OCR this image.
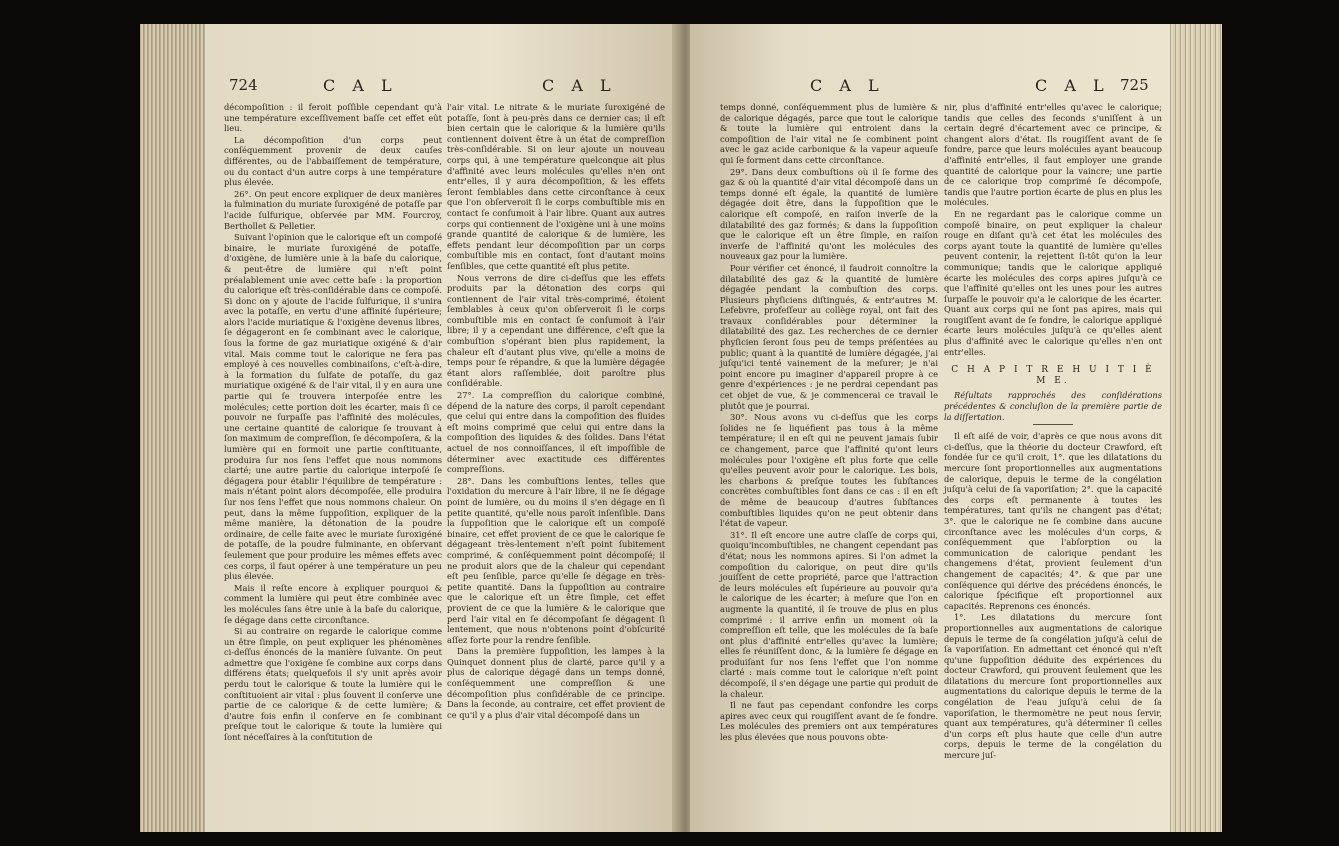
724	C A L	C A L

décompoſition : il feroit poſſible cependant qu'à une température exceſſivement baſſe cet effet eût lieu.

La décompoſition d'un corps peut conſéquemment provenir de deux cauſes différentes, ou de l'abbaiſſement de température, ou du contact d'un autre corps à une température plus élevée.

26°. On peut encore expliquer de deux manières la fulmination du muriate ſuroxigéné de potaſſe par l'acide ſulfurique, obſervée par MM. Fourcroy, Berthollet & Pelletier.

Suivant l'opinion que le calorique eſt un compoſé binaire, le muriate ſuroxigéné de potaſſe, d'oxigène, de lumière unie à la baſe du calorique, & peut-être de lumière qui n'eſt point préalablement unie avec cette baſe : la proportion du calorique eſt très-conſidérable dans ce compoſé. Si donc on y ajoute de l'acide ſulfurique, il s'unira avec la potaſſe, en vertu d'une affinité ſupérieure; alors l'acide muriatique & l'oxigène devenus libres, ſe dégageront en ſe combinant avec le calorique, ſous la forme de gaz muriatique oxigéné & d'air vital. Mais comme tout le calorique ne ſera pas employé à ces nouvelles combinaiſons, c'eſt-à-dire, à la formation du ſulfate de potaſſe, du gaz muriatique oxigéné & de l'air vital, il y en aura une partie qui ſe trouvera interpoſée entre les molécules; cette portion doit les écarter, mais ſi ce pouvoir ne ſurpaſſe pas l'affinité des molécules, une certaine quantité de calorique ſe trouvant à ſon maximum de compreſſion, ſe décompoſera, & la lumière qui en formoit une partie conſtituante, produira ſur nos ſens l'effet que nous nommons clarté; une autre partie du calorique interpoſé ſe dégagera pour établir l'équilibre de température : mais n'étant point alors décompoſée, elle produira ſur nos ſens l'effet que nous nommons chaleur. On peut, dans la même ſuppoſition, expliquer de la même manière, la détonation de la poudre ordinaire, de celle faite avec le muriate ſuroxigéné de potaſſe, de la poudre fulminante, en obſervant ſeulement que pour produire les mêmes effets avec ces corps, il faut opérer à une température un peu plus élevée.

Mais il reſte encore à expliquer pourquoi & comment la lumière qui peut être combinée avec les molécules ſans être unie à la baſe du calorique, ſe dégage dans cette circonſtance.

Si au contraire on regarde le calorique comme un être ſimple, on peut expliquer les phénomènes ci-deſſus énoncés de la manière ſuivante. On peut admettre que l'oxigène ſe combine aux corps dans différens états; quelquefois il s'y unit après avoir perdu tout le calorique & toute la lumière qui le conſtituoient air vital : plus ſouvent il conſerve une partie de ce calorique & de cette lumière; & d'autre fois enfin il conſerve en ſe combinant preſque tout le calorique & toute la lumière qui ſont néceſſaires à la conſtitution de

l'air vital. Le nitrate & le muriate ſuroxigéné de potaſſe, ſont à peu-près dans ce dernier cas; il eſt bien certain que le calorique & la lumière qu'ils contiennent doivent être à un état de compreſſion très-conſidérable. Si on leur ajoute un nouveau corps qui, à une température quelconque ait plus d'affinité avec leurs molécules qu'elles n'en ont entr'elles, il y aura décompoſition, & les effets ſeront ſemblables dans cette circonſtance à ceux que l'on obſerveroit ſi le corps combuſtible mis en contact ſe conſumoit à l'air libre. Quant aux autres corps qui contiennent de l'oxigène uni à une moins grande quantité de calorique & de lumière, les effets pendant leur décompoſition par un corps combuſtible mis en contact, ſont d'autant moins ſenſibles, que cette quantité eſt plus petite.

Nous verrons de dire ci-deſſus que les effets produits par la détonation des corps qui contiennent de l'air vital très-comprimé, étoient ſemblables à ceux qu'on obſerveroit ſi le corps combuſtible mis en contact ſe conſumoit à l'air libre; il y a cependant une différence, c'eſt que la combuſtion s'opérant bien plus rapidement, la chaleur eſt d'autant plus vive, qu'elle a moins de temps pour ſe répandre, & que la lumière dégagée étant alors raſſemblée, doit paroître plus conſidérable.

27°. La compreſſion du calorique combiné, dépend de la nature des corps, il paroît cependant que celui qui entre dans la compoſition des fluides eſt moins comprimé que celui qui entre dans la compoſition des liquides & des ſolides. Dans l'état actuel de nos connoiſſances, il eſt impoſſible de déterminer avec exactitude ces différentes compreſſions.

28°. Dans les combuſtions lentes, telles que l'oxidation du mercure à l'air libre, il ne ſe dégage point de lumière, ou du moins il s'en dégage en ſi petite quantité, qu'elle nous paroît inſenſible. Dans la ſuppoſition que le calorique eſt un compoſé binaire, cet effet provient de ce que le calorique ſe dégageant très-lentement n'eſt point ſubitement comprimé, & conſéquemment point décompoſé; il ne produit alors que de la chaleur qui cependant eſt peu ſenſible, parce qu'elle ſe dégage en très-petite quantité. Dans la ſuppoſition au contraire que le calorique eſt un être ſimple, cet effet provient de ce que la lumière & le calorique que perd l'air vital en ſe décompoſant ſe dégagent ſi lentement, que nous n'obtenons point d'obſcurité aſſez forte pour la rendre ſenſible.

Dans la première ſuppoſition, les lampes à la Quinquet donnent plus de clarté, parce qu'il y a plus de calorique dégagé dans un temps donné, conſéquemment une compreſſion & une décompoſition plus conſidérable de ce principe. Dans la ſeconde, au contraire, cet effet provient de ce qu'il y a plus d'air vital décompoſé dans un

C A L	C A L 725

temps donné, conſéquemment plus de lumière & de calorique dégagés, parce que tout le calorique & toute la lumière qui entroient dans la compoſition de l'air vital ne ſe combinent point avec le gaz acide carbonique & la vapeur aqueuſe qui ſe forment dans cette circonſtance.

29°. Dans deux combuſtions où il ſe forme des gaz & où la quantité d'air vital décompoſé dans un temps donné eſt égale, la quantité de lumière dégagée doit être, dans la ſuppoſition que le calorique eſt compoſé, en raiſon inverſe de la dilatabilité des gaz formés; & dans la ſuppoſition que le calorique eſt un être ſimple, en raiſon inverſe de l'affinité qu'ont les molécules des nouveaux gaz pour la lumière.

Pour vérifier cet énoncé, il faudroit connoître la dilatabilité des gaz & la quantité de lumière dégagée pendant la combuſtion des corps. Plusieurs phyſiciens diſtingués, & entr'autres M. Lefebvre, profeſſeur au collège royal, ont fait des travaux conſidérables pour déterminer la dilatabilité des gaz. Les recherches de ce dernier phyſicien ſeront ſous peu de temps préſentées au public; quant à la quantité de lumière dégagée, j'ai juſqu'ici tenté vainement de la meſurer; je n'ai point encore pu imaginer d'appareil propre à ce genre d'expériences : je ne perdrai cependant pas cet objet de vue, & je commencerai ce travail le plutôt que je pourrai.

30°. Nous avons vu ci-deſſus que les corps ſolides ne ſe liquéfient pas tous à la même température; il en eſt qui ne peuvent jamais ſubir ce changement, parce que l'affinité qu'ont leurs molécules pour l'oxigène eſt plus forte que celle qu'elles peuvent avoir pour le calorique. Les bois, les charbons & preſque toutes les ſubſtances concrètes combuſtibles ſont dans ce cas : il en eſt de même de beaucoup d'autres ſubſtances combuſtibles liquides qu'on ne peut obtenir dans l'état de vapeur.

31°. Il eſt encore une autre claſſe de corps qui, quoiqu'incombuſtibles, ne changent cependant pas d'état; nous les nommons apires. Si l'on admet la compoſition du calorique, on peut dire qu'ils jouiſſent de cette propriété, parce que l'attraction de leurs molécules eſt ſupérieure au pouvoir qu'a le calorique de les écarter; à meſure que l'on en augmente la quantité, il ſe trouve de plus en plus comprimé : il arrive enfin un moment où la compreſſion eſt telle, que les molécules de ſa baſe ont plus d'affinité entr'elles qu'avec la lumière; elles ſe réuniſſent donc, & la lumière ſe dégage en produiſant ſur nos ſens l'effet que l'on nomme clarté : mais comme tout le calorique n'eſt point décompoſé, il s'en dégage une partie qui produit de la chaleur.

Il ne faut pas cependant confondre les corps apires avec ceux qui rougiſſent avant de ſe fondre. Les molécules des premiers ont aux températures les plus élevées que nous pouvons obte-

nir, plus d'affinité entr'elles qu'avec le calorique; tandis que celles des ſeconds s'uniſſent à un certain degré d'écartement avec ce principe, & changent alors d'état. Ils rougiſſent avant de ſe fondre, parce que leurs molécules ayant beaucoup d'affinité entr'elles, il faut employer une grande quantité de calorique pour la vaincre; une partie de ce calorique trop comprimé ſe décompoſe, tandis que l'autre portion écarte de plus en plus les molécules.

En ne regardant pas le calorique comme un compoſé binaire, on peut expliquer la chaleur rouge en diſant qu'à cet état les molécules des corps ayant toute la quantité de lumière qu'elles peuvent contenir, la rejettent ſi-tôt qu'on la leur communique; tandis que le calorique appliqué écarte les molécules des corps apires juſqu'à ce que l'affinité qu'elles ont les unes pour les autres ſurpaſſe le pouvoir qu'a le calorique de les écarter. Quant aux corps qui ne ſont pas apires, mais qui rougiſſent avant de ſe fondre, le calorique appliqué écarte leurs molécules juſqu'à ce qu'elles aient plus d'affinité avec le calorique qu'elles n'en ont entr'elles.

C H A P I T R E H U I T I È M E.

Réſultats rapprochés des conſidérations précédentes & concluſion de la première partie de la diſſertation.

Il eſt aiſé de voir, d'après ce que nous avons dit ci-deſſus, que la théorie du docteur Crawford, eſt fondée ſur ce qu'il croit, 1°. que les dilatations du mercure ſont proportionnelles aux augmentations de calorique, depuis le terme de la congélation juſqu'à celui de ſa vaporiſation; 2°. que la capacité des corps eſt permanente à toutes les températures, tant qu'ils ne changent pas d'état; 3°. que le calorique ne ſe combine dans aucune circonſtance avec les molécules d'un corps, & conſéquemment que l'abſorption ou la communication de calorique pendant les changemens d'état, provient ſeulement d'un changement de capacités; 4°. & que par une conſéquence qui dérive des précédens énoncés, le calorique ſpécifique eſt proportionnel aux capacités. Reprenons ces énoncés.

1°. Les dilatations du mercure ſont proportionnelles aux augmentations de calorique depuis le terme de ſa congélation juſqu'à celui de ſa vaporiſation. En admettant cet énoncé qui n'eſt qu'une ſuppoſition déduite des expériences du docteur Crawford, qui prouvent ſeulement que les dilatations du mercure ſont proportionnelles aux augmentations du calorique depuis le terme de la congélation de l'eau juſqu'à celui de ſa vaporiſation, le thermomètre ne peut nous ſervir, quant aux températures, qu'à déterminer ſi celles d'un corps eſt plus haute que celle d'un autre corps, depuis le terme de la congélation du mercure juſ-
